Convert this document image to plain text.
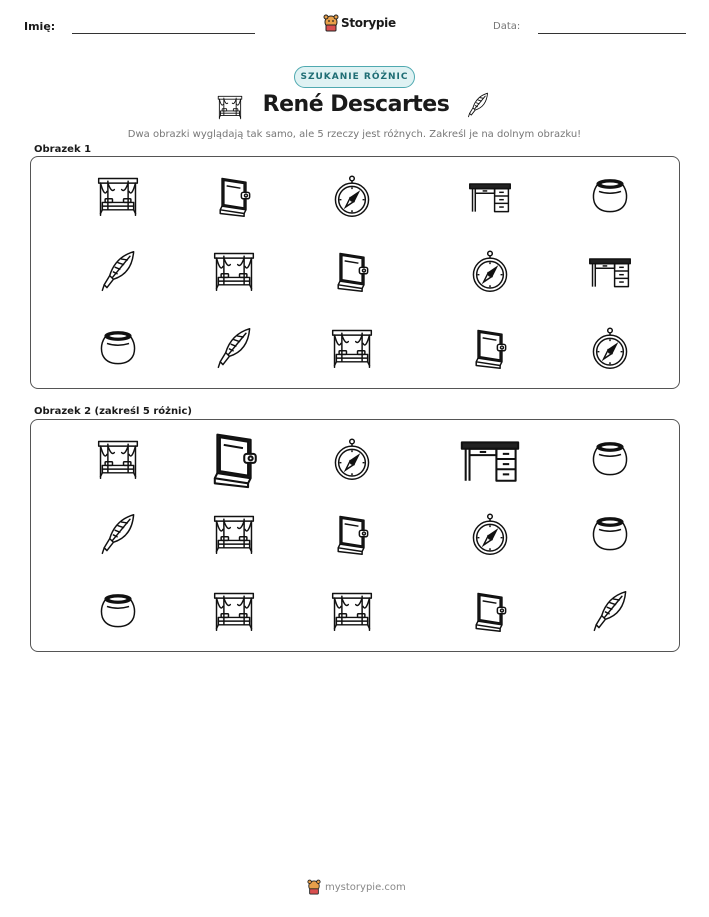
Imię:	Storypie	Data:
SZUKANIE RÓŻNIC
René Descartes
Dwa obrazki wyglądają tak samo, ale 5 rzeczy jest różnych. Zakreśl je na dolnym obrazku!
Obrazek 1
Obrazek 2 (zakreśl 5 różnic)
mystorypie.com
